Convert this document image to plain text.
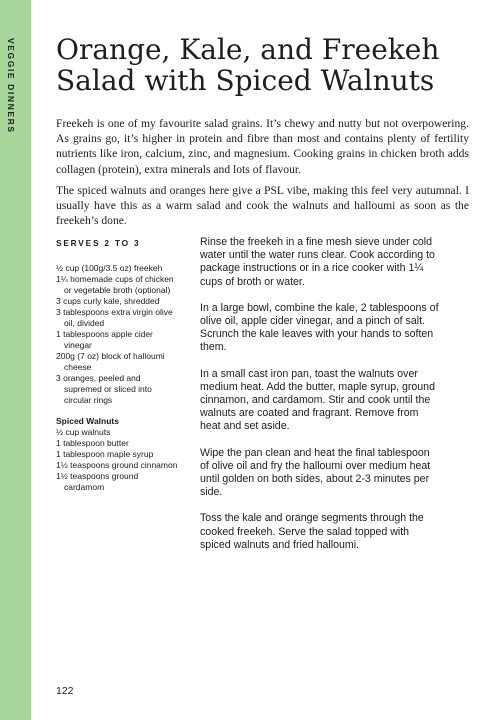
VEGGIE DINNERS Orange, Kale, and Freekeh
Salad with Spiced Walnuts

Freekeh is one of my favourite salad grains. It’s chewy and nutty but not overpowering. As grains go, it’s higher in protein and fibre than most and contains plenty of fertility nutrients like iron, calcium, zinc, and magnesium. Cooking grains in chicken broth adds collagen (protein), extra minerals and lots of flavour.

The spiced walnuts and oranges here give a PSL vibe, making this feel very autumnal. I usually have this as a warm salad and cook the walnuts and halloumi as soon as the freekeh’s done.

SERVES 2 TO 3
½ cup (100g/3.5 oz) freekeh
1¼ homemade cups of chicken or vegetable broth (optional)
3 cups curly kale, shredded
3 tablespoons extra virgin olive oil, divided
1 tablespoons apple cider vinegar
200g (7 oz) block of halloumi cheese
3 oranges, peeled and supremed or sliced into circular rings
Spiced Walnuts
½ cup walnuts
1 tablespoon butter
1 tablespoon maple syrup
1½ teaspoons ground cinnamon
1½ teaspoons ground cardamom

Rinse the freekeh in a fine mesh sieve under cold water until the water runs clear. Cook according to package instructions or in a rice cooker with 1¼ cups of broth or water.

In a large bowl, combine the kale, 2 tablespoons of olive oil, apple cider vinegar, and a pinch of salt. Scrunch the kale leaves with your hands to soften them.

In a small cast iron pan, toast the walnuts over medium heat. Add the butter, maple syrup, ground cinnamon, and cardamom. Stir and cook until the walnuts are coated and fragrant. Remove from heat and set aside.

Wipe the pan clean and heat the final tablespoon of olive oil and fry the halloumi over medium heat until golden on both sides, about 2-3 minutes per side.

Toss the kale and orange segments through the cooked freekeh. Serve the salad topped with spiced walnuts and fried halloumi.

122
